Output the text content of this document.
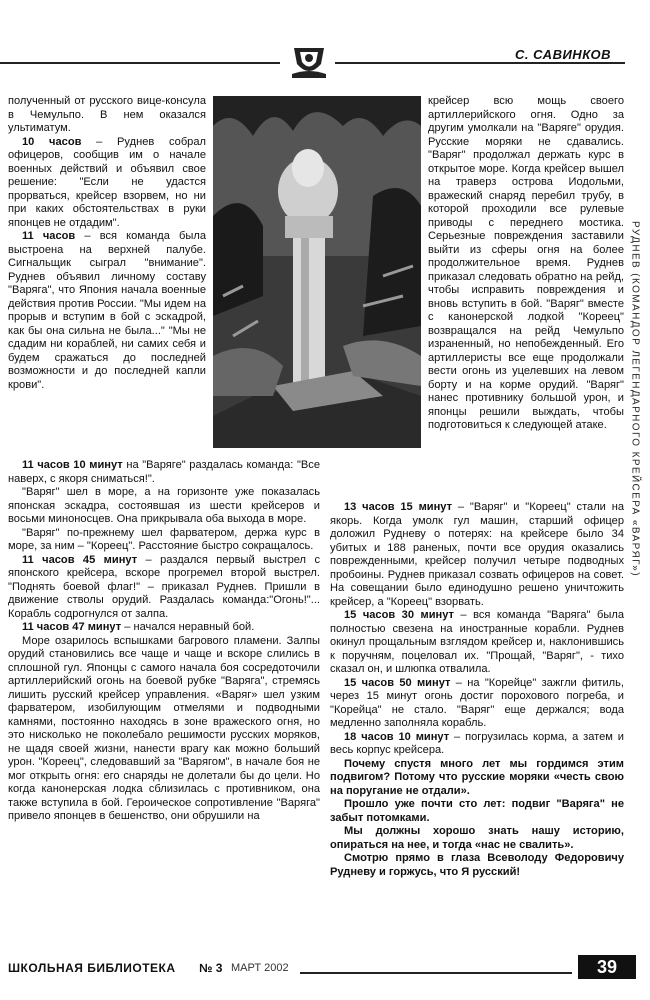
С. САВИНКОВ
РУДНЕВ (КОМАНДОР ЛЕГЕНДАРНОГО КРЕЙСЕРА «ВАРЯГ»)

полученный от русского вице-консула в Чемульпо. В нем оказался ультиматум.

10 часов – Руднев собрал офицеров, сообщив им о начале военных действий и объявил свое решение: "Если не удастся прорваться, крейсер взорвем, но ни при каких обстоятельствах в руки японцев не отдадим".

11 часов – вся команда была выстроена на верхней палубе. Сигнальщик сыграл "внимание". Руднев объявил личному составу "Варяга", что Япония начала военные действия против России. "Мы идем на прорыв и вступим в бой с эскадрой, как бы она сильна не была..." "Мы не сдадим ни кораблей, ни самих себя и будем сражаться до последней возможности и до последней капли крови".

11 часов 10 минут на "Варяге" раздалась команда: "Все наверх, с якоря сниматься!".

"Варяг" шел в море, а на горизонте уже показалась японская эскадра, состоявшая из шести крейсеров и восьми миноносцев. Она прикрывала оба выхода в море.

"Варяг" по-прежнему шел фарватером, держа курс в море, за ним – "Кореец". Расстояние быстро сокращалось.

11 часов 45 минут – раздался первый выстрел с японского крейсера, вскоре прогремел второй выстрел. "Поднять боевой флаг!" – приказал Руднев. Пришли в движение стволы орудий. Раздалась команда:"Огонь!"... Корабль содрогнулся от залпа.

11 часов 47 минут – начался неравный бой.

Море озарилось вспышками багрового пламени. Залпы орудий становились все чаще и чаще и вскоре слились в сплошной гул. Японцы с самого начала боя сосредоточили артиллерийский огонь на боевой рубке "Варяга", стремясь лишить русский крейсер управления. «Варяг» шел узким фарватером, изобилующим отмелями и подводными камнями, постоянно находясь в зоне вражеского огня, но это нисколько не поколебало решимости русских моряков, не щадя своей жизни, нанести врагу как можно больший урон. "Кореец", следовавший за "Варягом", в начале боя не мог открыть огня: его снаряды не долетали бы до цели. Но когда канонерская лодка сблизилась с противником, она также вступила в бой. Героическое сопротивление "Варяга" привело японцев в бешенство, они обрушили на

крейсер всю мощь своего артиллерийского огня. Одно за другим умолкали на "Варяге" орудия. Русские моряки не сдавались. "Варяг" продолжал держать курс в открытое море. Когда крейсер вышел на траверз острова Иодольми, вражеский снаряд перебил трубу, в которой проходили все рулевые приводы с переднего мостика. Серьезные повреждения заставили выйти из сферы огня на более продолжительное время. Руднев приказал следовать обратно на рейд, чтобы исправить повреждения и вновь вступить в бой. "Варяг" вместе с канонерской лодкой "Кореец" возвращался на рейд Чемульпо израненный, но непобежденный. Его артиллеристы все еще продолжали вести огонь из уцелевших на левом борту и на корме орудий. "Варяг" нанес противнику большой урон, и японцы решили выждать, чтобы подготовиться к следующей атаке.

13 часов 15 минут – "Варяг" и "Кореец" стали на якорь. Когда умолк гул машин, старший офицер доложил Рудневу о потерях: на крейсере было 34 убитых и 188 раненых, почти все орудия оказались поврежденными, крейсер получил четыре подводных пробоины. Руднев приказал созвать офицеров на совет. На совещании было единодушно решено уничтожить крейсер, а "Кореец" взорвать.

15 часов 30 минут – вся команда "Варяга" была полностью свезена на иностранные корабли. Руднев окинул прощальным взглядом крейсер и, наклонившись к поручням, поцеловал их. "Прощай, "Варяг", - тихо сказал он, и шлюпка отвалила.

15 часов 50 минут – на "Корейце" зажгли фитиль, через 15 минут огонь достиг порохового погреба, и "Корейца" не стало. "Варяг" еще держался; вода медленно заполняла корабль.

18 часов 10 минут – погрузилась корма, а затем и весь корпус крейсера.

Почему спустя много лет мы гордимся этим подвигом? Потому что русские моряки «честь свою на поругание не отдали».

Прошло уже почти сто лет: подвиг "Варяга" не забыт потомками.

Мы должны хорошо знать нашу историю, опираться на нее, и тогда «нас не свалить».

Смотрю прямо в глаза Всеволоду Федоровичу Рудневу и горжусь, что Я русский!

ШКОЛЬНАЯ БИБЛИОТЕКА № 3 МАРТ 2002	39
